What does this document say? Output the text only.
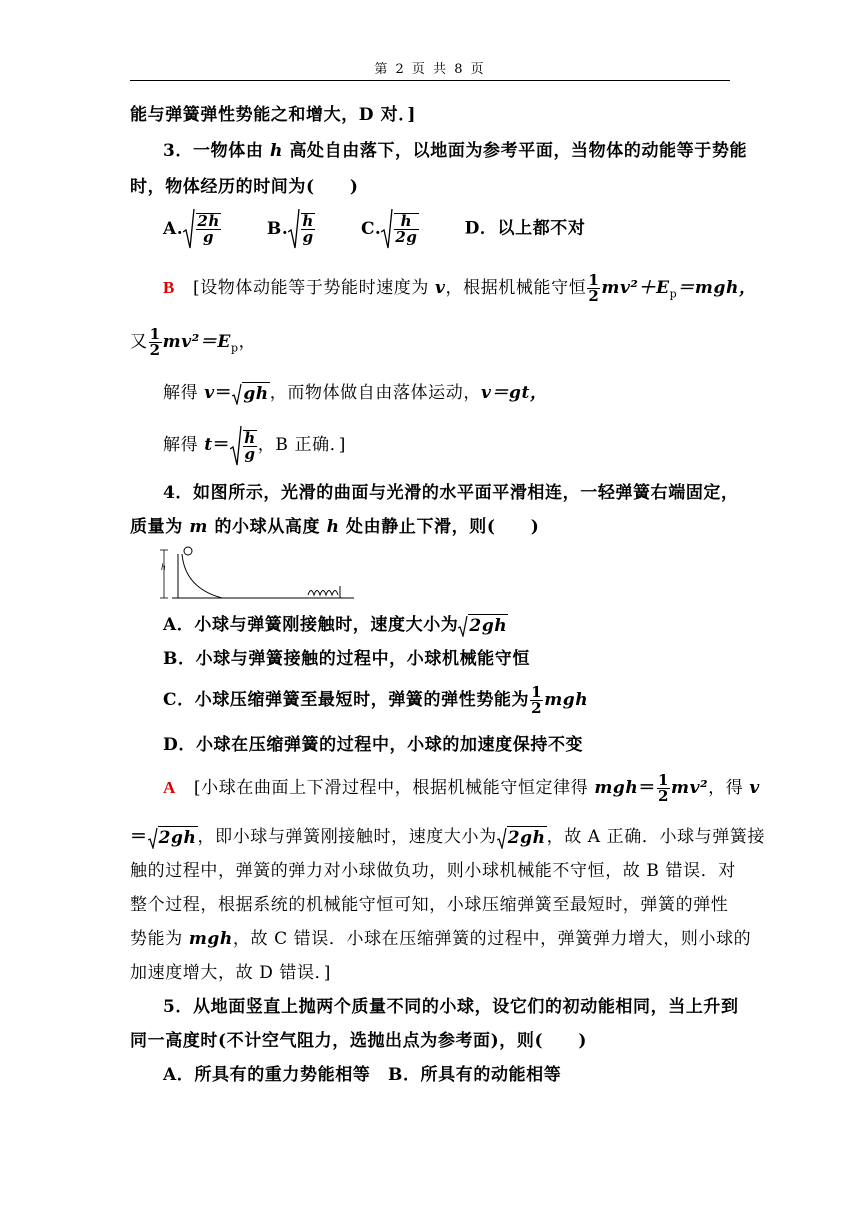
第 2 页 共 8 页
能与弹簧弹性势能之和增大，D 对．]
3．一物体由 h 高处自由落下，以地面为参考平面，当物体的动能等于势能
时，物体经历的时间为(　　)
A. $\frac{2h}{g}$	B. $\frac{h}{g}$	C. $\frac{h}{2g}$	D．以上都不对
B [设物体动能等于势能时速度为 v，根据机械能守恒 $\frac{1}{2} mv^2+E_p=mgh$，
又 $\frac{1}{2} mv^2=E_p$，
解得 v＝ gh，而物体做自由落体运动，v＝gt，
解得 $t= \frac{h}{g}$ ，B 正确．]
4．如图所示，光滑的曲面与光滑的水平面平滑相连，一轻弹簧右端固定，
质量为 m 的小球从高度 h 处由静止下滑，则(　　)
h
A．小球与弹簧刚接触时，速度大小为 2gh
B．小球与弹簧接触的过程中，小球机械能守恒
C．小球压缩弹簧至最短时，弹簧的弹性势能为 $\frac{1}{2}$ mgh
D．小球在压缩弹簧的过程中，小球的加速度保持不变
A [小球在曲面上下滑过程中，根据机械能守恒定律得 $mgh= \frac{1}{2} mv^2$，得 v
＝ 2gh，即小球与弹簧刚接触时，速度大小为 2gh，故 A 正确．小球与弹簧接
触的过程中，弹簧的弹力对小球做负功，则小球机械能不守恒，故 B 错误．对
整个过程，根据系统的机械能守恒可知，小球压缩弹簧至最短时，弹簧的弹性
势能为 mgh，故 C 错误．小球在压缩弹簧的过程中，弹簧弹力增大，则小球的
加速度增大，故 D 错误．]
5．从地面竖直上抛两个质量不同的小球，设它们的初动能相同，当上升到
同一高度时(不计空气阻力，选抛出点为参考面)，则(　　)
A．所具有的重力势能相等　B．所具有的动能相等
